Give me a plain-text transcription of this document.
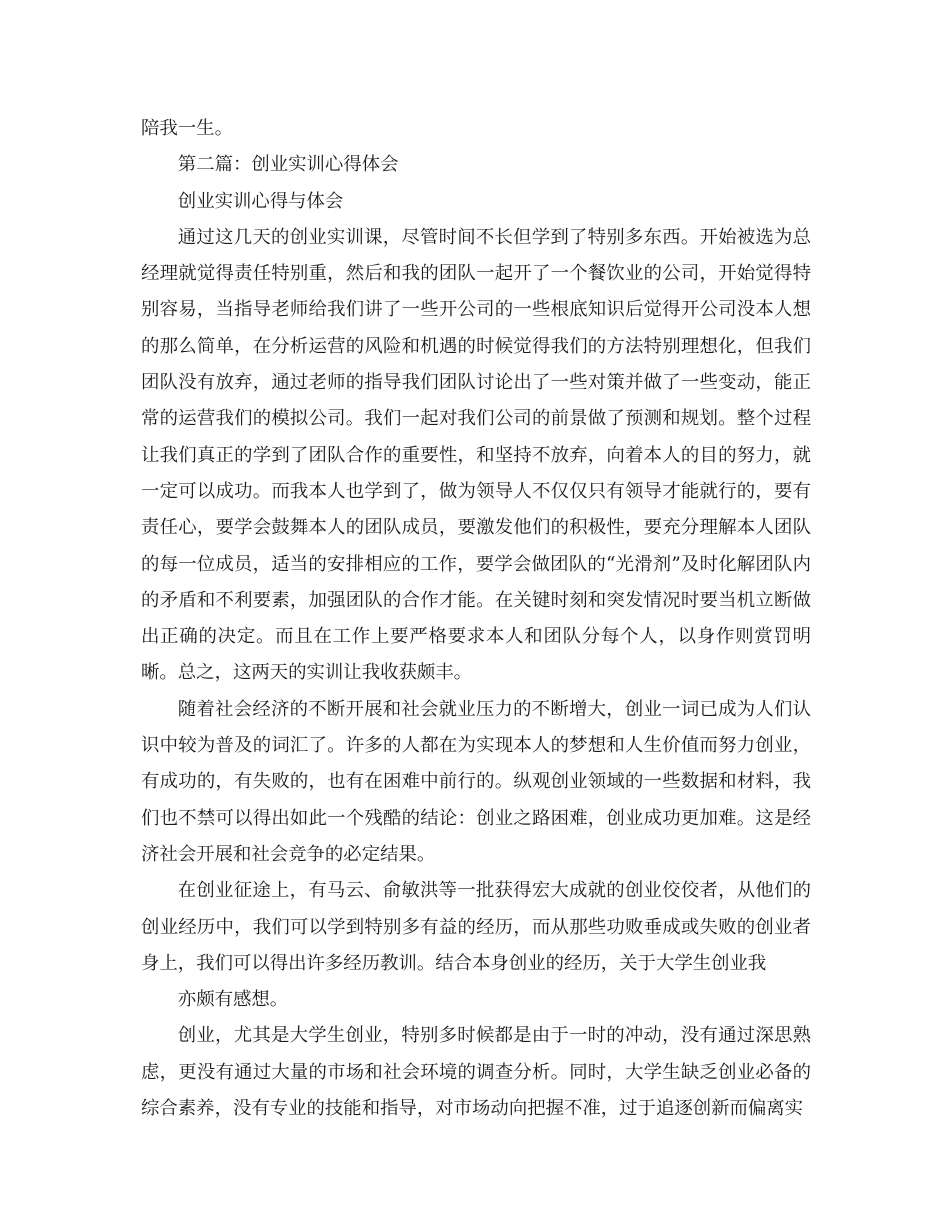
陪我一生。

第二篇：创业实训心得体会

创业实训心得与体会

通过这几天的创业实训课，尽管时间不长但学到了特别多东西。开始被选为总经理就觉得责任特别重，然后和我的团队一起开了一个餐饮业的公司，开始觉得特别容易，当指导老师给我们讲了一些开公司的一些根底知识后觉得开公司没本人想的那么简单，在分析运营的风险和机遇的时候觉得我们的方法特别理想化，但我们团队没有放弃，通过老师的指导我们团队讨论出了一些对策并做了一些变动，能正常的运营我们的模拟公司。我们一起对我们公司的前景做了预测和规划。整个过程让我们真正的学到了团队合作的重要性，和坚持不放弃，向着本人的目的努力，就一定可以成功。而我本人也学到了，做为领导人不仅仅只有领导才能就行的，要有责任心，要学会鼓舞本人的团队成员，要激发他们的积极性，要充分理解本人团队的每一位成员，适当的安排相应的工作，要学会做团队的“光滑剂”及时化解团队内的矛盾和不利要素，加强团队的合作才能。在关键时刻和突发情况时要当机立断做出正确的决定。而且在工作上要严格要求本人和团队分每个人，以身作则赏罚明晰。总之，这两天的实训让我收获颇丰。

随着社会经济的不断开展和社会就业压力的不断增大，创业一词已成为人们认识中较为普及的词汇了。许多的人都在为实现本人的梦想和人生价值而努力创业，有成功的，有失败的，也有在困难中前行的。纵观创业领域的一些数据和材料，我们也不禁可以得出如此一个残酷的结论：创业之路困难，创业成功更加难。这是经济社会开展和社会竞争的必定结果。

在创业征途上，有马云、俞敏洪等一批获得宏大成就的创业佼佼者，从他们的创业经历中，我们可以学到特别多有益的经历，而从那些功败垂成或失败的创业者身上，我们可以得出许多经历教训。结合本身创业的经历，关于大学生创业我

亦颇有感想。

创业，尤其是大学生创业，特别多时候都是由于一时的冲动，没有通过深思熟虑，更没有通过大量的市场和社会环境的调查分析。同时，大学生缺乏创业必备的综合素养，没有专业的技能和指导，对市场动向把握不准，过于追逐创新而偏离实
